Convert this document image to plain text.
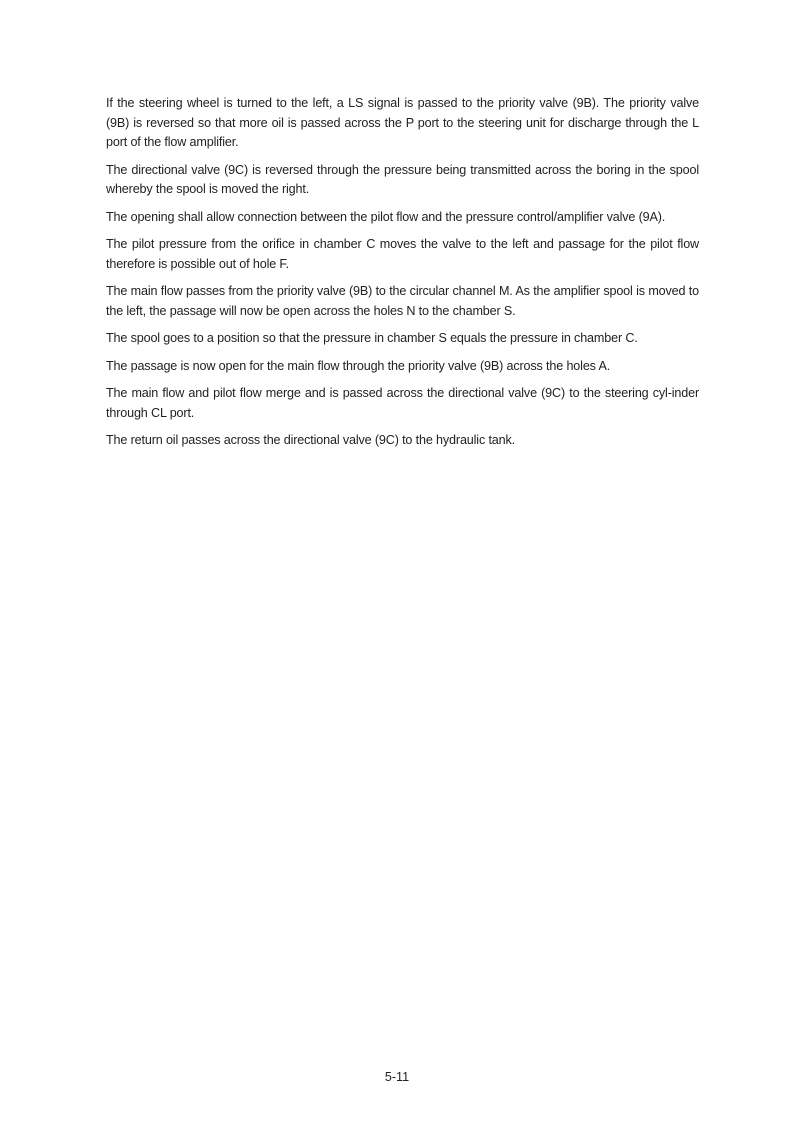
If the steering wheel is turned to the left, a LS signal is passed to the priority valve (9B). The priority valve (9B) is reversed so that more oil is passed across the P port to the steering unit for discharge through the L port of the flow amplifier.

The directional valve (9C) is reversed through the pressure being transmitted across the boring in the spool whereby the spool is moved the right.

The opening shall allow connection between the pilot flow and the pressure control/amplifier valve (9A).

The pilot pressure from the orifice in chamber C moves the valve to the left and passage for the pilot flow therefore is possible out of hole F.

The main flow passes from the priority valve (9B) to the circular channel M. As the amplifier spool is moved to the left, the passage will now be open across the holes N to the chamber S.

The spool goes to a position so that the pressure in chamber S equals the pressure in chamber C.

The passage is now open for the main flow through the priority valve (9B) across the holes A.

The main flow and pilot flow merge and is passed across the directional valve (9C) to the steering cyl-inder through CL port.

The return oil passes across the directional valve (9C) to the hydraulic tank.

5-11
